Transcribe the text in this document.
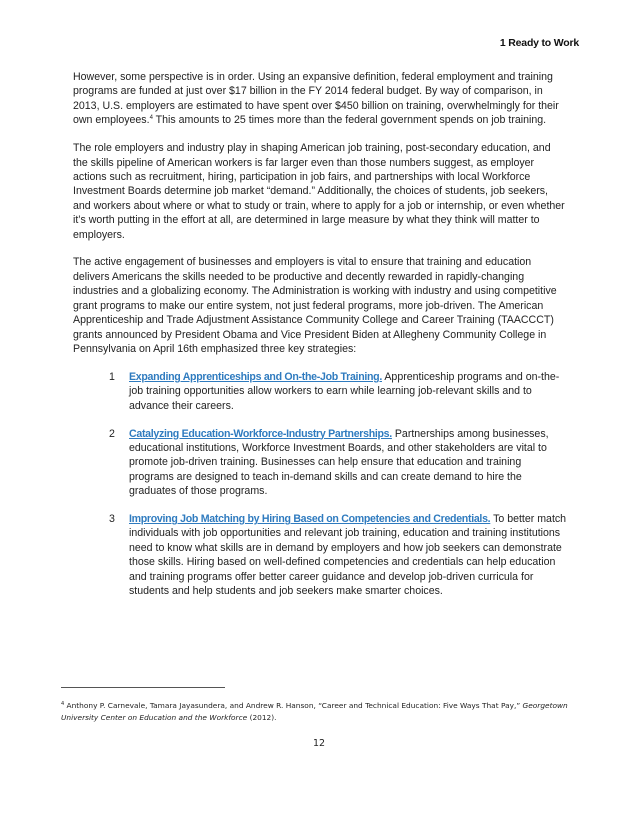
1 Ready to Work

However, some perspective is in order. Using an expansive definition, federal employment and training programs are funded at just over $17 billion in the FY 2014 federal budget. By way of comparison, in 2013, U.S. employers are estimated to have spent over $450 billion on training, overwhelmingly for their own employees.$^4$ This amounts to 25 times more than the federal government spends on job training.

The role employers and industry play in shaping American job training, post-secondary education, and the skills pipeline of American workers is far larger even than those numbers suggest, as employer actions such as recruitment, hiring, participation in job fairs, and partnerships with local Workforce Investment Boards determine job market “demand.” Additionally, the choices of students, job seekers, and workers about where or what to study or train, where to apply for a job or internship, or even whether it’s worth putting in the effort at all, are determined in large measure by what they think will matter to employers.

The active engagement of businesses and employers is vital to ensure that training and education delivers Americans the skills needed to be productive and decently rewarded in rapidly-changing industries and a globalizing economy. The Administration is working with industry and using competitive grant programs to make our entire system, not just federal programs, more job-driven. The American Apprenticeship and Trade Adjustment Assistance Community College and Career Training (TAACCCT) grants announced by President Obama and Vice President Biden at Allegheny Community College in Pennsylvania on April 16th emphasized three key strategies:

1 Expanding Apprenticeships and On-the-Job Training. Apprenticeship programs and on-the-job training opportunities allow workers to earn while learning job-relevant skills and to advance their careers.
2 Catalyzing Education-Workforce-Industry Partnerships. Partnerships among businesses, educational institutions, Workforce Investment Boards, and other stakeholders are vital to promote job-driven training. Businesses can help ensure that education and training programs are designed to teach in-demand skills and can create demand to hire the graduates of those programs.
3 Improving Job Matching by Hiring Based on Competencies and Credentials. To better match individuals with job opportunities and relevant job training, education and training institutions need to know what skills are in demand by employers and how job seekers can demonstrate those skills. Hiring based on well-defined competencies and credentials can help education and training programs offer better career guidance and develop job-driven curricula for students and help students and job seekers make smarter choices.
$^4$ Anthony P. Carnevale, Tamara Jayasundera, and Andrew R. Hanson, “Career and Technical Education: Five Ways That Pay,” Georgetown University Center on Education and the Workforce (2012).
12
